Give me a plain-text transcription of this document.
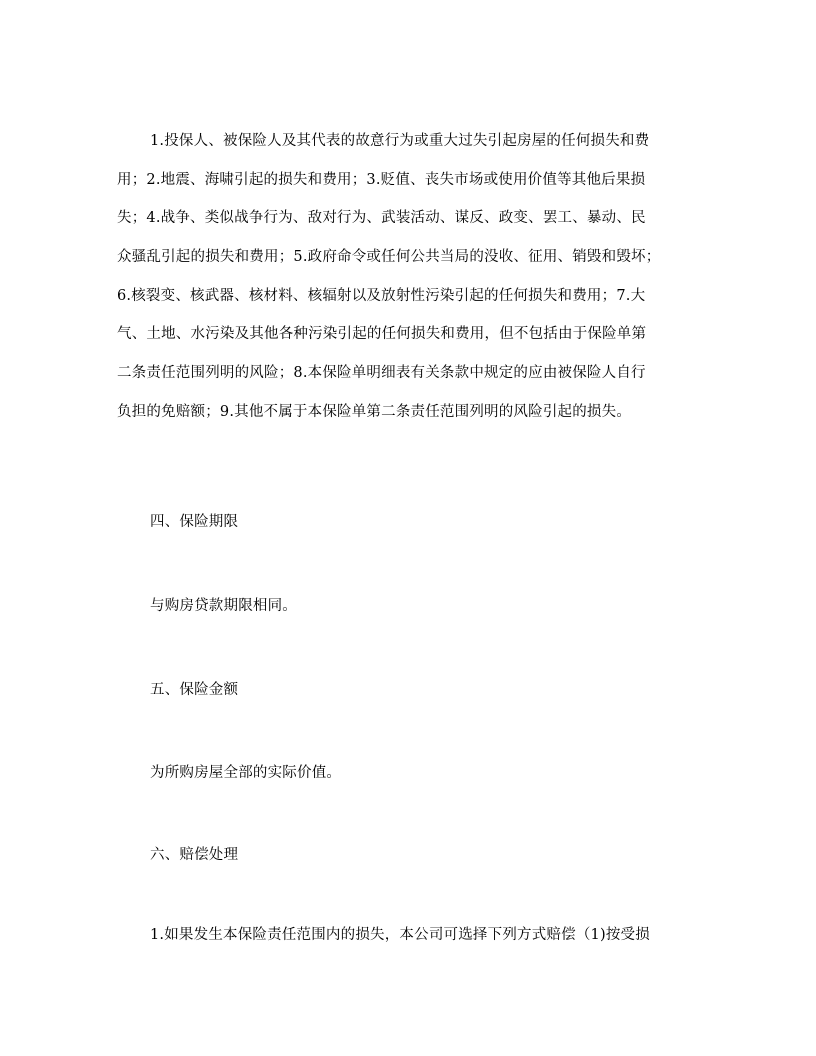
1.投保人、被保险人及其代表的故意行为或重大过失引起房屋的任何损失和费
用；2.地震、海啸引起的损失和费用；3.贬值、丧失市场或使用价值等其他后果损
失；4.战争、类似战争行为、敌对行为、武装活动、谋反、政变、罢工、暴动、民
众骚乱引起的损失和费用；5.政府命令或任何公共当局的没收、征用、销毁和毁坏；
6.核裂变、核武器、核材料、核辐射以及放射性污染引起的任何损失和费用；7.大
气、土地、水污染及其他各种污染引起的任何损失和费用，但不包括由于保险单第
二条责任范围列明的风险；8.本保险单明细表有关条款中规定的应由被保险人自行
负担的免赔额；9.其他不属于本保险单第二条责任范围列明的风险引起的损失。
四、保险期限
与购房贷款期限相同。
五、保险金额
为所购房屋全部的实际价值。
六、赔偿处理
1.如果发生本保险责任范围内的损失，本公司可选择下列方式赔偿（1)按受损
